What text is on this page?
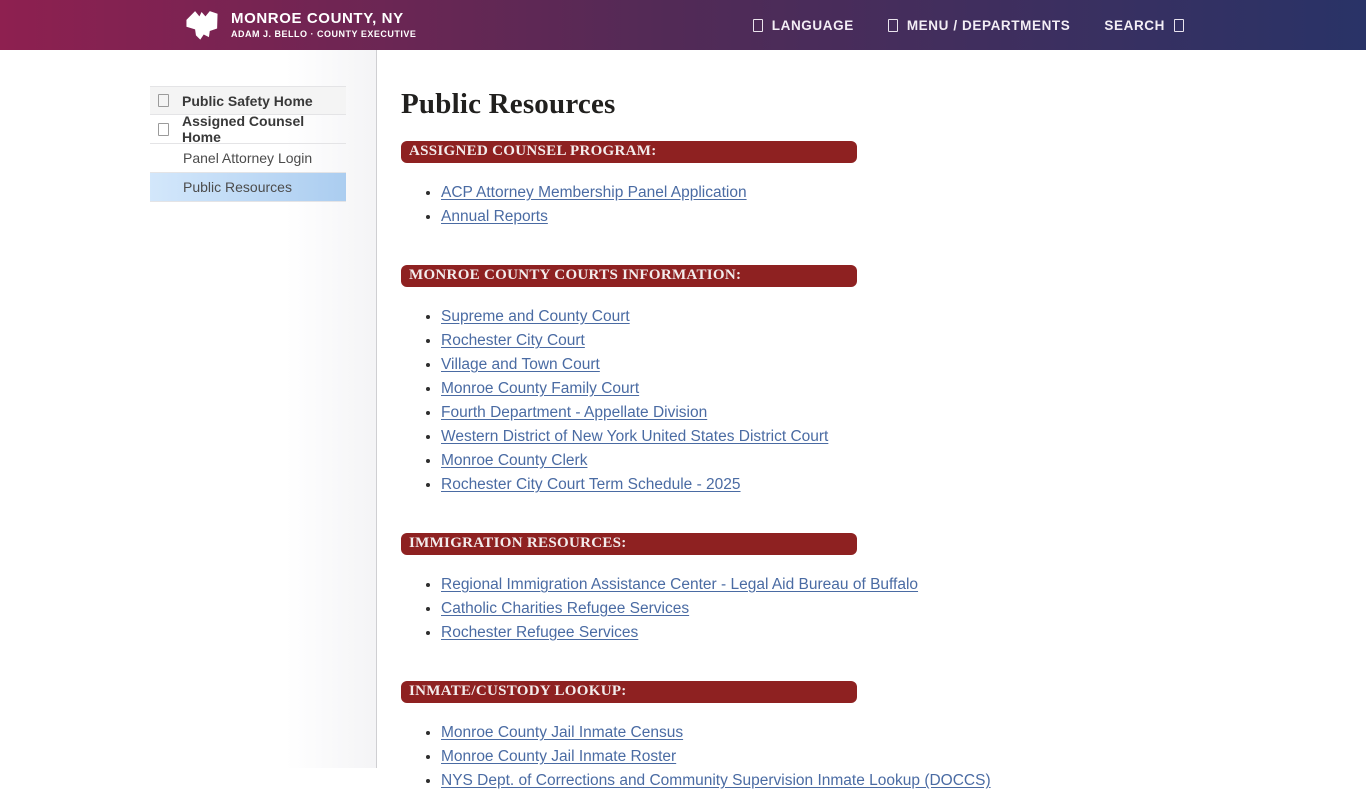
MONROE COUNTY, NY
ADAM J. BELLO · COUNTY EXECUTIVE
LANGUAGE	MENU / DEPARTMENTS	SEARCH
Public Safety Home
Assigned Counsel Home
Panel Attorney Login
Public Resources
Public Resources
ASSIGNED COUNSEL PROGRAM:
• ACP Attorney Membership Panel Application
• Annual Reports
MONROE COUNTY COURTS INFORMATION:
• Supreme and County Court
• Rochester City Court
• Village and Town Court
• Monroe County Family Court
• Fourth Department - Appellate Division
• Western District of New York United States District Court
• Monroe County Clerk
• Rochester City Court Term Schedule - 2025
IMMIGRATION RESOURCES:
• Regional Immigration Assistance Center - Legal Aid Bureau of Buffalo
• Catholic Charities Refugee Services
• Rochester Refugee Services
INMATE/CUSTODY LOOKUP:
• Monroe County Jail Inmate Census
• Monroe County Jail Inmate Roster
• NYS Dept. of Corrections and Community Supervision Inmate Lookup (DOCCS)
